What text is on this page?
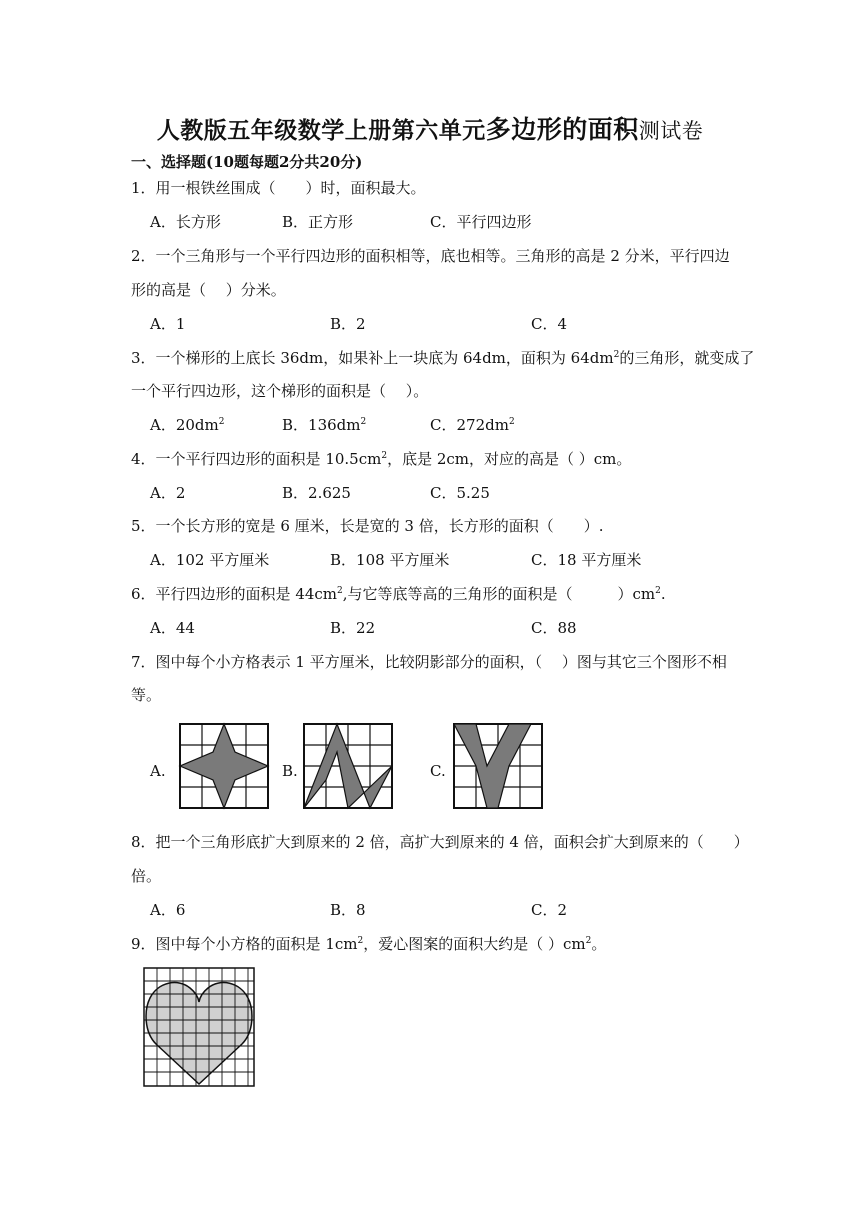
人教版五年级数学上册第六单元多边形的面积测试卷
一、选择题(10题每题2分共20分)
1．用一根铁丝围成（　　）时，面积最大。
A．长方形	B．正方形	C．平行四边形
2．一个三角形与一个平行四边形的面积相等，底也相等。三角形的高是 2 分米，平行四边
形的高是（　 ）分米。
A．1	B．2	C．4
3．一个梯形的上底长 36dm，如果补上一块底为 64dm，面积为 $64dm^2$的三角形，就变成了
一个平行四边形，这个梯形的面积是（　 ）。
A．$20dm^2$	B．$136dm^2$	C．$272dm^2$
4．一个平行四边形的面积是 $10.5cm^2$，底是 2cm，对应的高是（ ）cm。
A．2	B．2.625	C．5.25
5．一个长方形的宽是 6 厘米，长是宽的 3 倍，长方形的面积（　　）.
A．102 平方厘米	B．108 平方厘米	C．18 平方厘米
6．平行四边形的面积是 $44cm^2$,与它等底等高的三角形的面积是（　　　）$cm^2$.
A．44	B．22	C．88
7．图中每个小方格表示 1 平方厘米，比较阴影部分的面积，（　 ）图与其它三个图形不相
等。
A.	B.	C.
8．把一个三角形底扩大到原来的 2 倍，高扩大到原来的 4 倍，面积会扩大到原来的（　　）
倍。
A．6	B．8	C．2
9．图中每个小方格的面积是 $1cm^2$，爱心图案的面积大约是（ ）$cm^2$。
